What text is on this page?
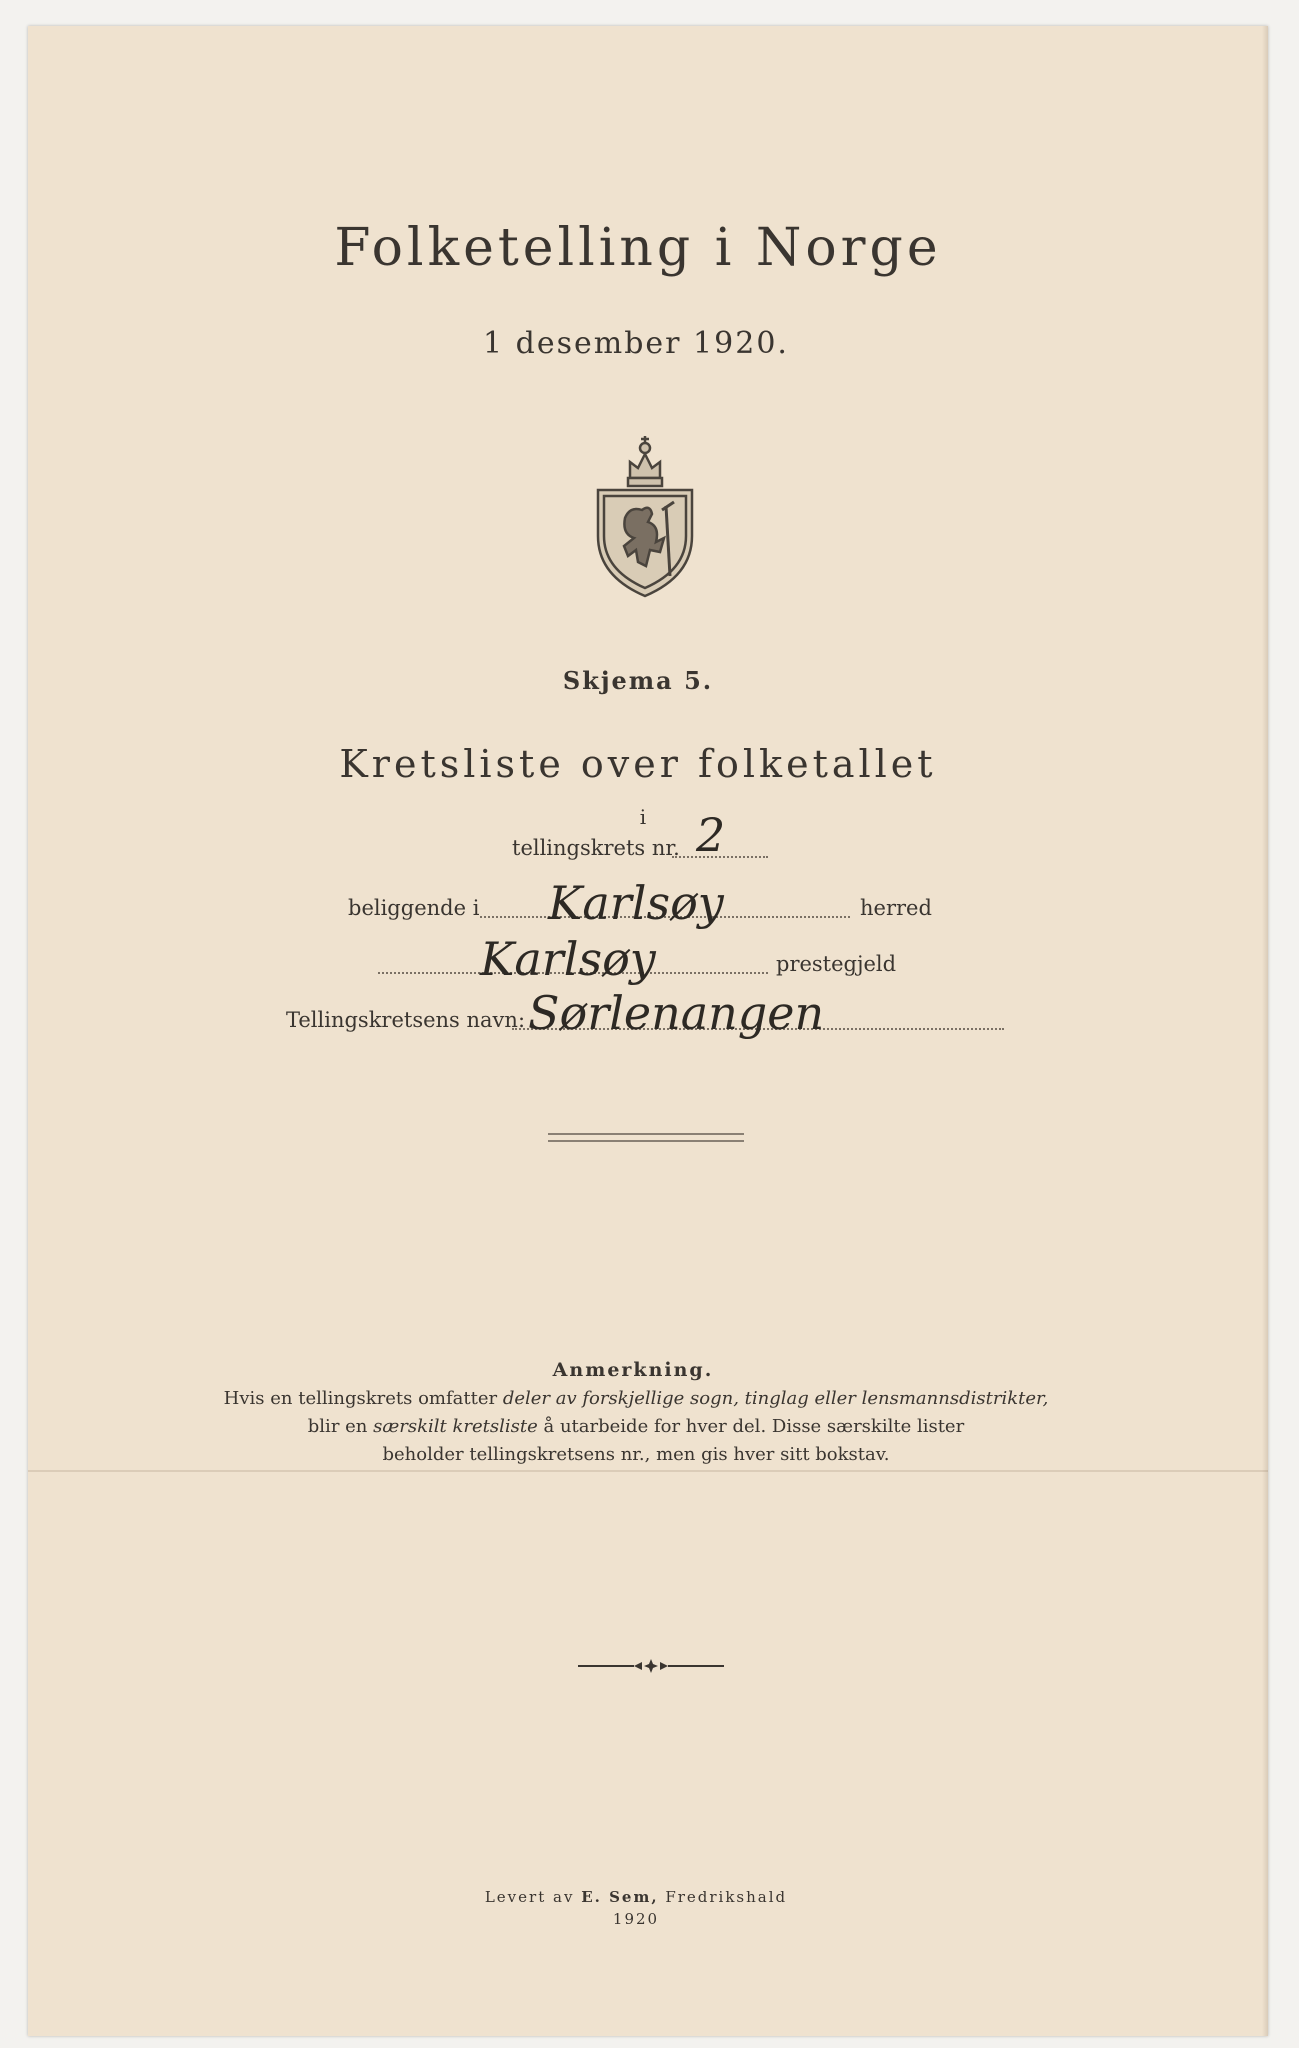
Folketelling i Norge
1 desember 1920.
Skjema 5.
Kretsliste over folketallet
i
tellingskrets nr. 2
beliggende i Karlsøy	herred
Karlsøy	prestegjeld
Tellingskretsens navn: Sørlenangen
Anmerkning.
Hvis en tellingskrets omfatter deler av forskjellige sogn, tinglag eller lensmannsdistrikter,
blir en særskilt kretsliste å utarbeide for hver del. Disse særskilte lister
beholder tellingskretsens nr., men gis hver sitt bokstav.
Levert av E. Sem, Fredrikshald
1920
